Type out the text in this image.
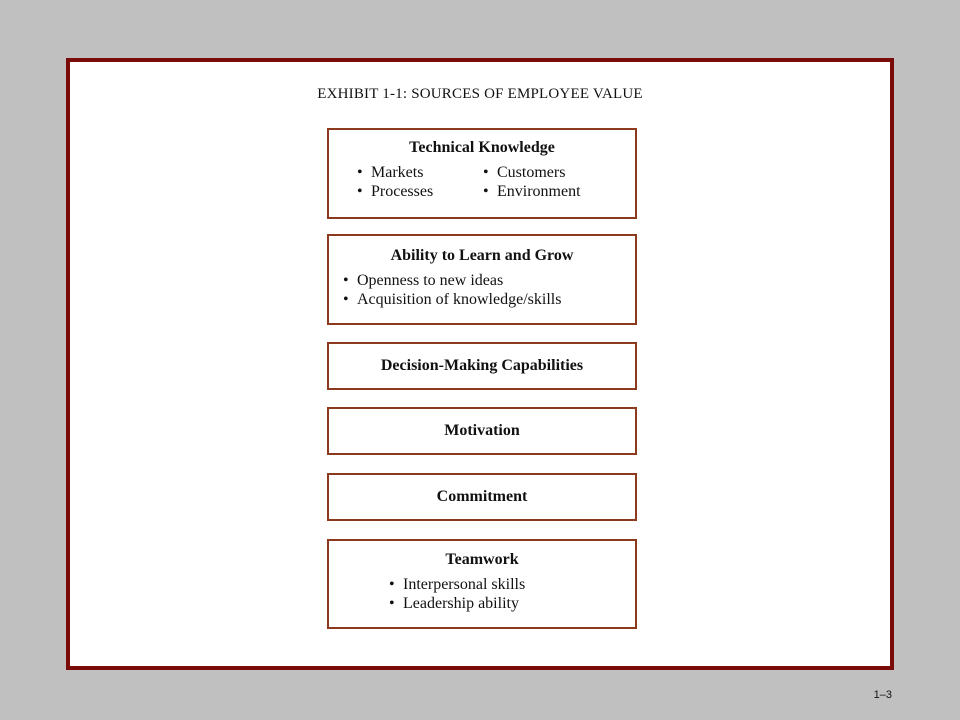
EXHIBIT 1-1: SOURCES OF EMPLOYEE VALUE
Technical Knowledge
• Markets
• Processes
• Customers
• Environment
Ability to Learn and Grow
• Openness to new ideas
• Acquisition of knowledge/skills
Decision-Making Capabilities
Motivation
Commitment
Teamwork
• Interpersonal skills
• Leadership ability
1–3
